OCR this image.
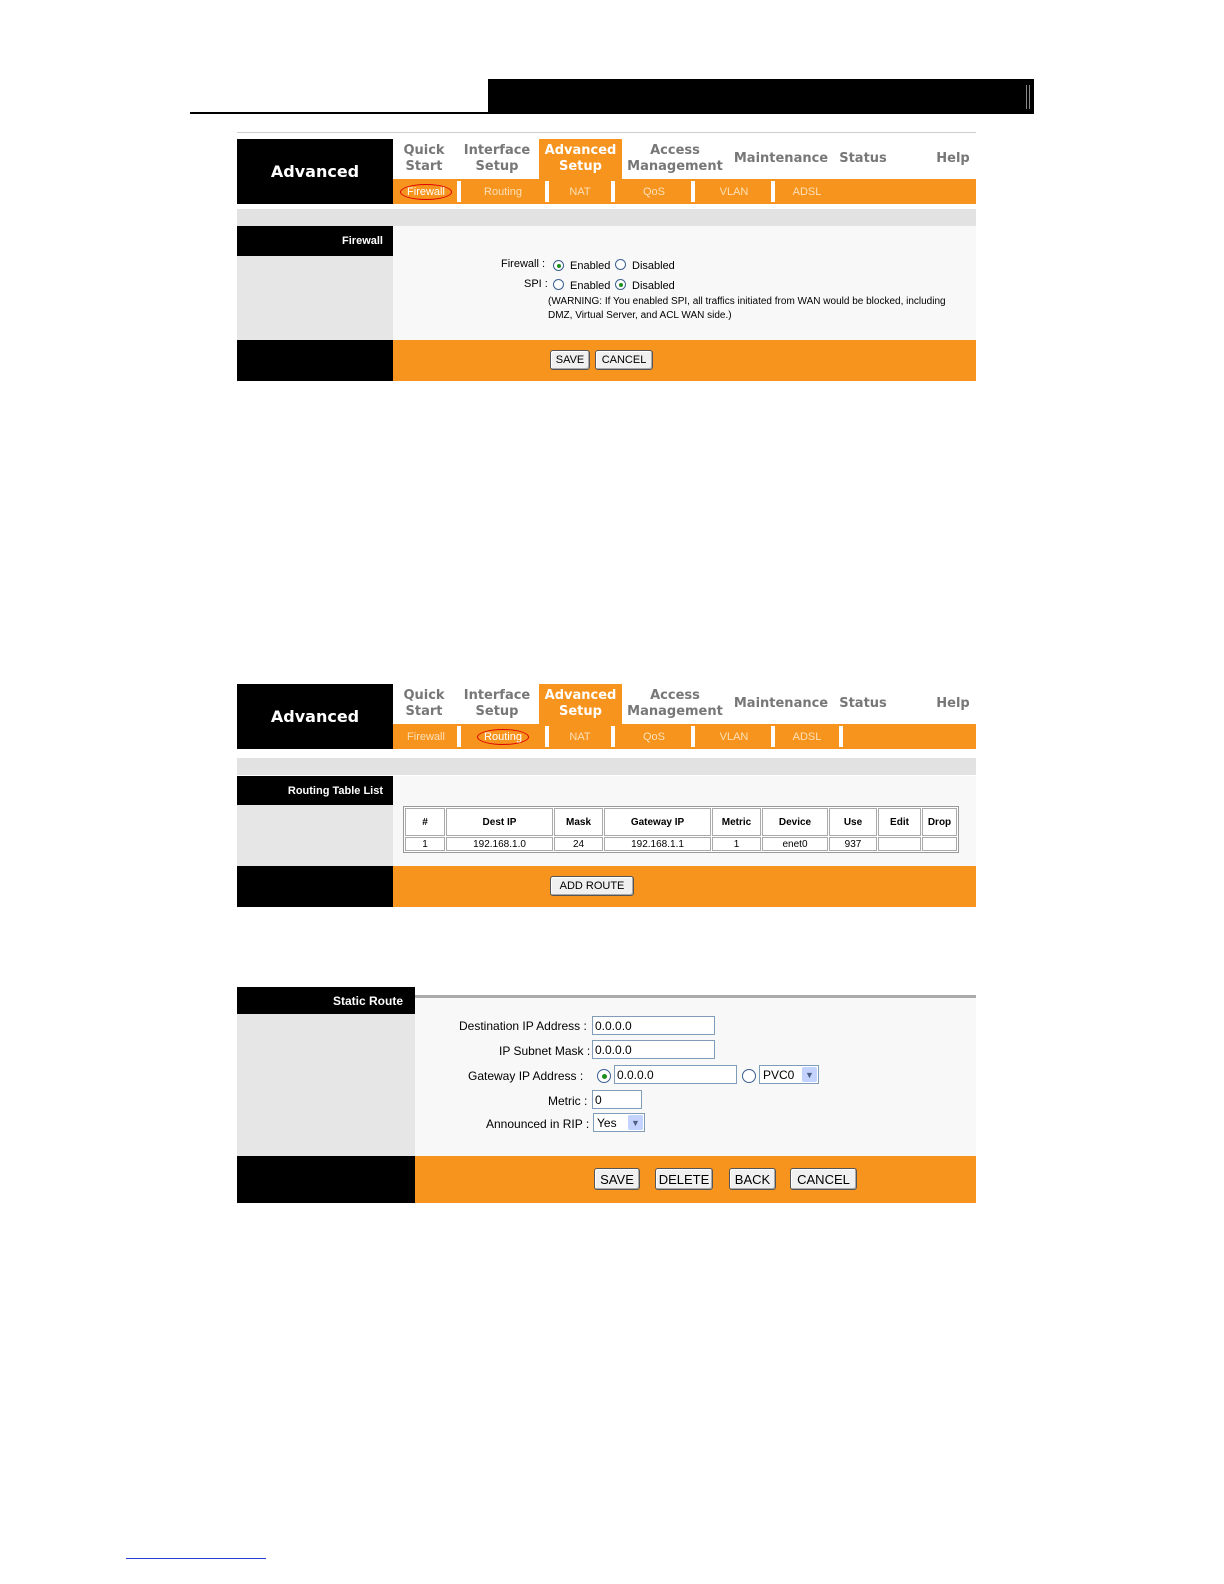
Advanced
Quick
Start
Interface
Setup
Advanced
Setup
Access
Management
Maintenance Status	Help
Firewall	Routing	NAT	QoS	VLAN	ADSL
Firewall
Firewall : Enabled Disabled
SPI : Enabled Disabled
(WARNING: If You enabled SPI, all traffics initiated from WAN would be blocked, including DMZ, Virtual Server, and ACL WAN side.)
SAVE	CANCEL
Advanced
Quick
Start
Interface
Setup
Advanced
Setup
Access
Management
Maintenance Status	Help
Firewall	Routing	NAT	QoS	VLAN	ADSL
Routing Table List
#	Dest IP	Mask	Gateway IP	Metric	Device	Use	Edit	Drop
1	192.168.1.0	24	192.168.1.1	1	enet0	937		
ADD ROUTE
Static Route
Destination IP Address : 0.0.0.0
IP Subnet Mask : 0.0.0.0
Gateway IP Address :	0.0.0.0	PVC0	▼
Metric : 0
Announced in RIP : Yes	▼
SAVE	DELETE	BACK	CANCEL
